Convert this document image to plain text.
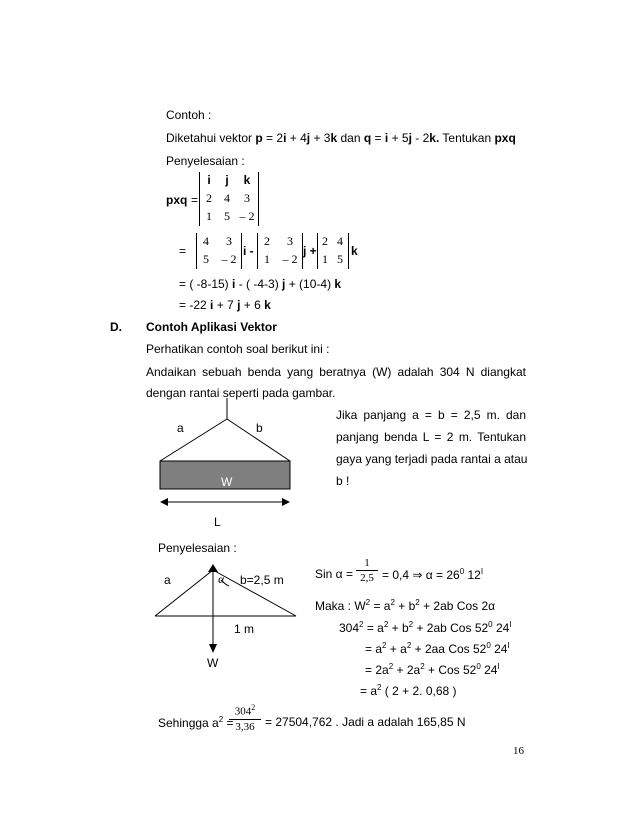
Contoh :
Diketahui vektor p = 2i + 4j + 3k dan q = i + 5j - 2k. Tentukan pxq
Penyelesaian :
pxq =
i	j	k
2	4	3
1	5 – 2
=
4	3
5	– 2
i -
2	3
1	– 2
j +
2 4
1 5
k
= ( -8-15) i - ( -4-3) j + (10-4) k
= -22 i + 7 j + 6 k
D. Contoh Aplikasi Vektor
Perhatikan contoh soal berikut ini :
Andaikan sebuah benda yang beratnya (W) adalah 304 N diangkat
dengan rantai seperti pada gambar.
Jika panjang a = b = 2,5 m. dan
panjang benda L = 2 m. Tentukan
gaya yang terjadi pada rantai a atau
b !
a	b
W
L
Penyelesaian :
a	α b=2,5 m
1 m
W
Sin α =
1
2,5 = 0,4 ⇒ $\alpha = 26^0$ $12^I$
Maka : $W^2 = a^2 + b^2 + 2ab$ Cos 2α
$304^2 = a^2 + b^2 + 2ab$ Cos $52^0$ $24^I$
= $a^2 + a^2 + 2aa$ Cos $52^0$ $24^I$
= $2a^2 + 2a^2$ + Cos $52^0$ $24^I$
= $a^2$ ( 2 + 2. 0,68 )
Sehingga $a^2$ =
$304^2$
3,36 = 27504,762 . Jadi a adalah 165,85 N
16
